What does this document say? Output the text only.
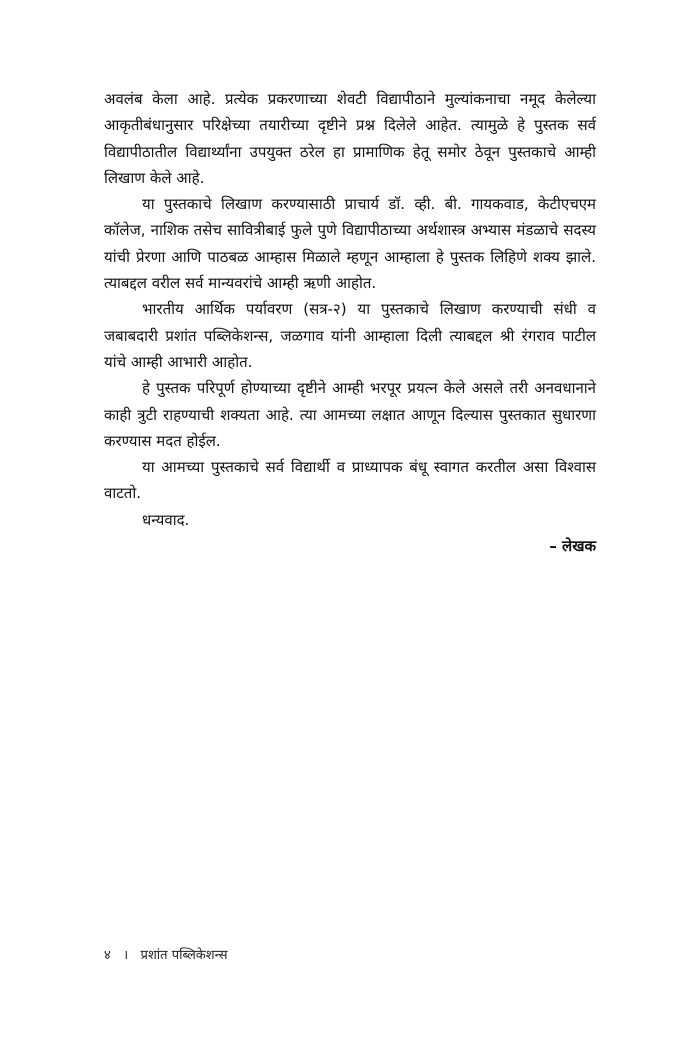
अवलंब केला आहे. प्रत्येक प्रकरणाच्या शेवटी विद्यापीठाने मुल्यांकनाचा नमूद केलेल्या आकृतीबंधानुसार परिक्षेच्या तयारीच्या दृष्टीने प्रश्न दिलेले आहेत. त्यामुळे हे पुस्तक सर्व विद्यापीठातील विद्यार्थ्यांना उपयुक्त ठरेल हा प्रामाणिक हेतू समोर ठेवून पुस्तकाचे आम्ही लिखाण केले आहे.

या पुस्तकाचे लिखाण करण्यासाठी प्राचार्य डॉ. व्ही. बी. गायकवाड, केटीएचएम कॉलेज, नाशिक तसेच सावित्रीबाई फुले पुणे विद्यापीठाच्या अर्थशास्त्र अभ्यास मंडळाचे सदस्य यांची प्रेरणा आणि पाठबळ आम्हास मिळाले म्हणून आम्हाला हे पुस्तक लिहिणे शक्य झाले. त्याबद्दल वरील सर्व मान्यवरांचे आम्ही ऋणी आहोत.

भारतीय आर्थिक पर्यावरण (सत्र-२) या पुस्तकाचे लिखाण करण्याची संधी व जबाबदारी प्रशांत पब्लिकेशन्स, जळगाव यांनी आम्हाला दिली त्याबद्दल श्री रंगराव पाटील यांचे आम्ही आभारी आहोत.

हे पुस्तक परिपूर्ण होण्याच्या दृष्टीने आम्ही भरपूर प्रयत्न केले असले तरी अनवधानाने काही त्रुटी राहण्याची शक्यता आहे. त्या आमच्या लक्षात आणून दिल्यास पुस्तकात सुधारणा करण्यास मदत होईल.

या आमच्या पुस्तकाचे सर्व विद्यार्थी व प्राध्यापक बंधू स्वागत करतील असा विश्वास वाटतो.

धन्यवाद.

– लेखक

४ । प्रशांत पब्लिकेशन्स
